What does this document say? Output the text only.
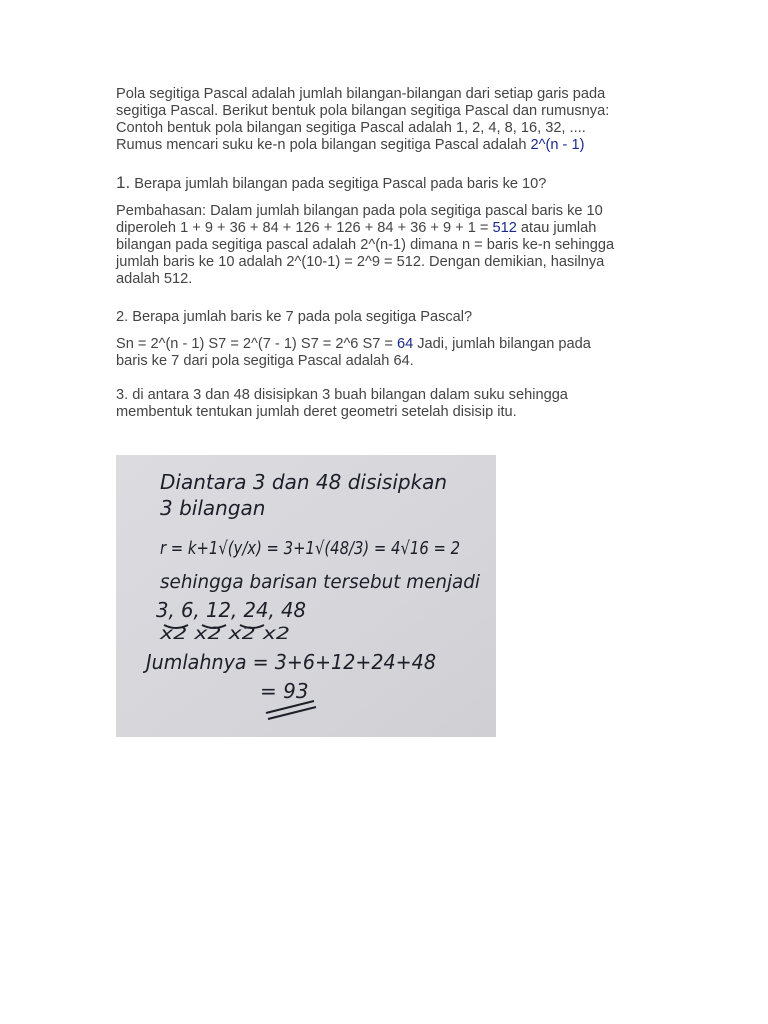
Pola segitiga Pascal adalah jumlah bilangan-bilangan dari setiap garis pada
segitiga Pascal. Berikut bentuk pola bilangan segitiga Pascal dan rumusnya:
Contoh bentuk pola bilangan segitiga Pascal adalah 1, 2, 4, 8, 16, 32, ....
Rumus mencari suku ke-n pola bilangan segitiga Pascal adalah 2^(n - 1)
1. Berapa jumlah bilangan pada segitiga Pascal pada baris ke 10?
Pembahasan: Dalam jumlah bilangan pada pola segitiga pascal baris ke 10
diperoleh 1 + 9 + 36 + 84 + 126 + 126 + 84 + 36 + 9 + 1 = 512 atau jumlah
bilangan pada segitiga pascal adalah 2^(n-1) dimana n = baris ke-n sehingga
jumlah baris ke 10 adalah 2^(10-1) = 2^9 = 512. Dengan demikian, hasilnya
adalah 512.
2. Berapa jumlah baris ke 7 pada pola segitiga Pascal?
Sn = 2^(n - 1) S7 = 2^(7 - 1) S7 = 2^6 S7 = 64 Jadi, jumlah bilangan pada
baris ke 7 dari pola segitiga Pascal adalah 64.
3. di antara 3 dan 48 disisipkan 3 buah bilangan dalam suku sehingga
membentuk tentukan jumlah deret geometri setelah disisip itu.
Diantara 3 dan 48 disisipkan
3 bilangan
r = k+1√(y/x) = 3+1√(48/3) = 4√16 = 2
sehingga barisan tersebut menjadi
3, 6, 12, 24, 48
x2 x2 x2 x2
Jumlahnya = 3+6+12+24+48
= 93
